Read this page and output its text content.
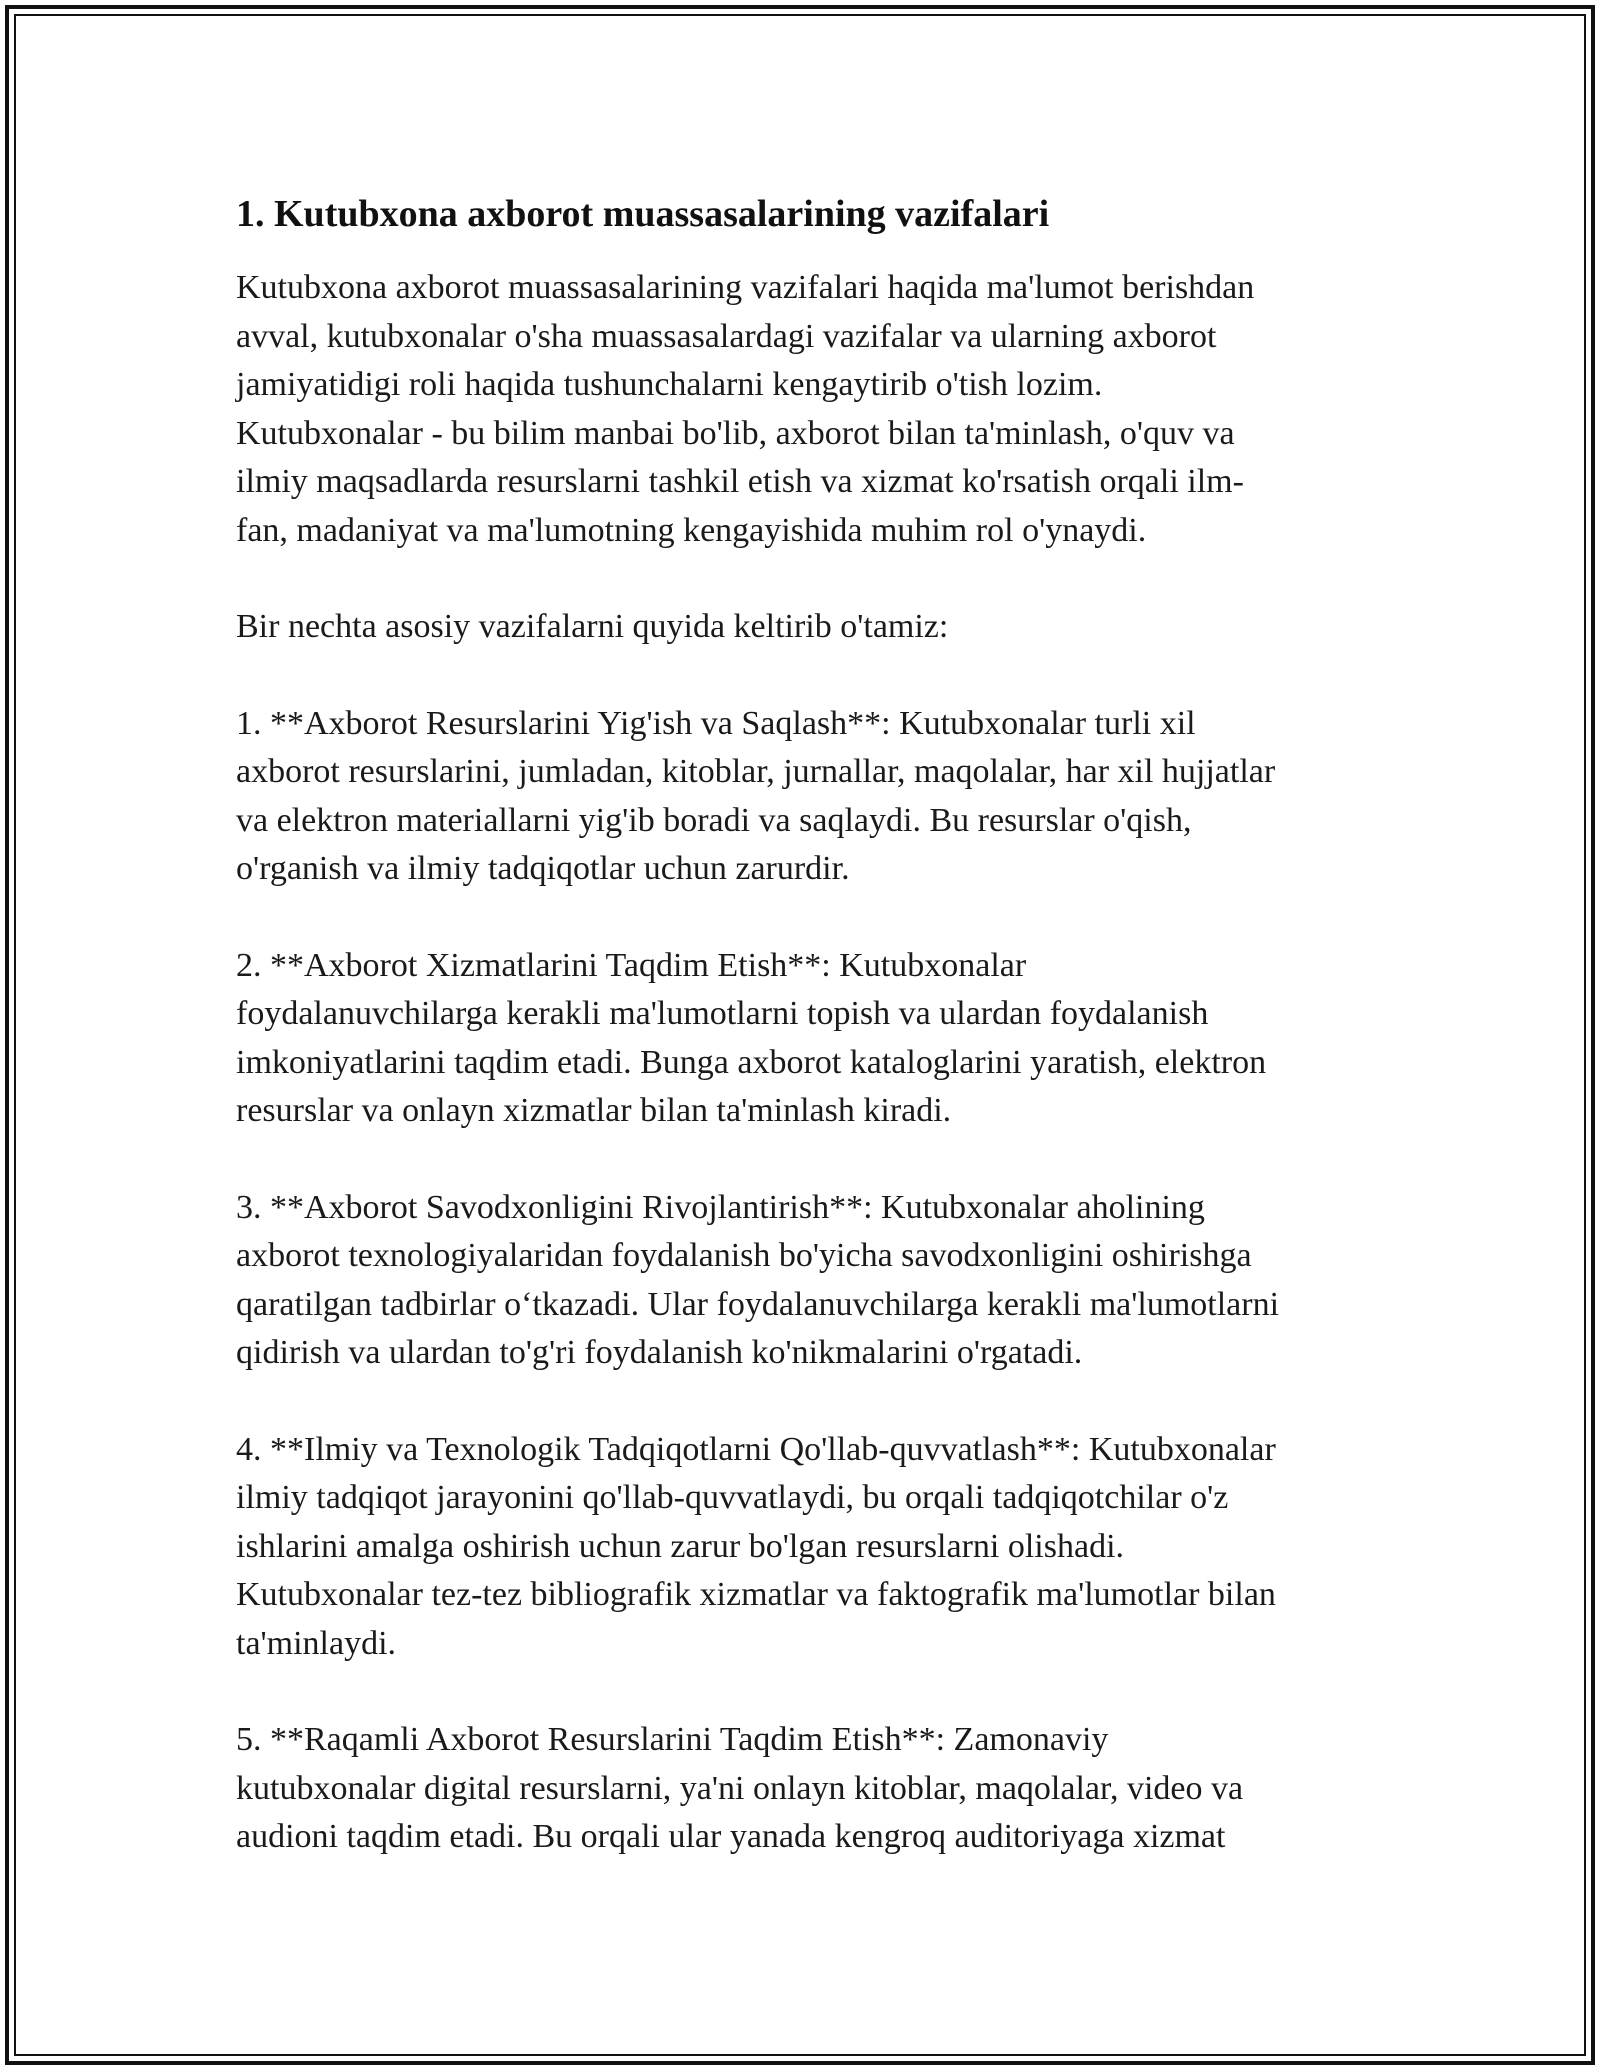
1. Kutubxona axborot muassasalarining vazifalari

Kutubxona axborot muassasalarining vazifalari haqida ma'lumot berishdan
avval, kutubxonalar o'sha muassasalardagi vazifalar va ularning axborot
jamiyatidigi roli haqida tushunchalarni kengaytirib o'tish lozim.
Kutubxonalar - bu bilim manbai bo'lib, axborot bilan ta'minlash, o'quv va
ilmiy maqsadlarda resurslarni tashkil etish va xizmat ko'rsatish orqali ilm-
fan, madaniyat va ma'lumotning kengayishida muhim rol o'ynaydi.

Bir nechta asosiy vazifalarni quyida keltirib o'tamiz:

1. **Axborot Resurslarini Yig'ish va Saqlash**: Kutubxonalar turli xil
axborot resurslarini, jumladan, kitoblar, jurnallar, maqolalar, har xil hujjatlar
va elektron materiallarni yig'ib boradi va saqlaydi. Bu resurslar o'qish,
o'rganish va ilmiy tadqiqotlar uchun zarurdir.

2. **Axborot Xizmatlarini Taqdim Etish**: Kutubxonalar
foydalanuvchilarga kerakli ma'lumotlarni topish va ulardan foydalanish
imkoniyatlarini taqdim etadi. Bunga axborot kataloglarini yaratish, elektron
resurslar va onlayn xizmatlar bilan ta'minlash kiradi.

3. **Axborot Savodxonligini Rivojlantirish**: Kutubxonalar aholining
axborot texnologiyalaridan foydalanish bo'yicha savodxonligini oshirishga
qaratilgan tadbirlar o‘tkazadi. Ular foydalanuvchilarga kerakli ma'lumotlarni
qidirish va ulardan to'g'ri foydalanish ko'nikmalarini o'rgatadi.

4. **Ilmiy va Texnologik Tadqiqotlarni Qo'llab-quvvatlash**: Kutubxonalar
ilmiy tadqiqot jarayonini qo'llab-quvvatlaydi, bu orqali tadqiqotchilar o'z
ishlarini amalga oshirish uchun zarur bo'lgan resurslarni olishadi.
Kutubxonalar tez-tez bibliografik xizmatlar va faktografik ma'lumotlar bilan
ta'minlaydi.

5. **Raqamli Axborot Resurslarini Taqdim Etish**: Zamonaviy
kutubxonalar digital resurslarni, ya'ni onlayn kitoblar, maqolalar, video va
audioni taqdim etadi. Bu orqali ular yanada kengroq auditoriyaga xizmat
